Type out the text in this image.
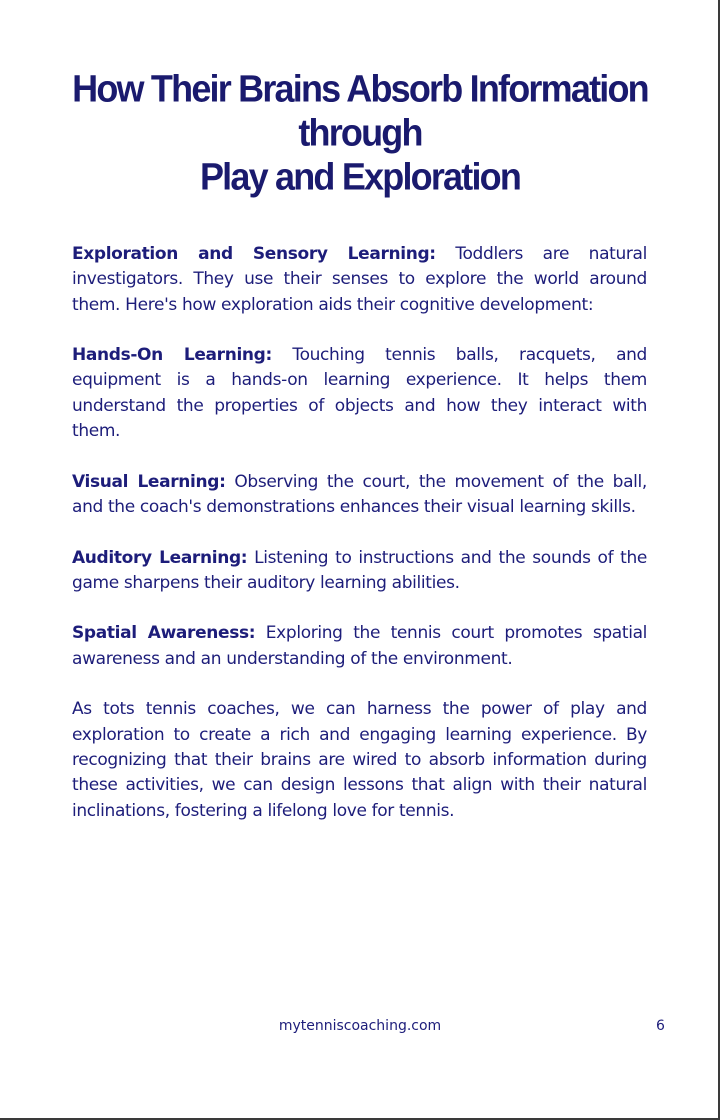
How Their Brains Absorb Information through
Play and Exploration

Exploration and Sensory Learning: Toddlers are natural investigators. They use their senses to explore the world around them. Here's how exploration aids their cognitive development:

Hands-On Learning: Touching tennis balls, racquets, and equipment is a hands-on learning experience. It helps them understand the properties of objects and how they interact with them.

Visual Learning: Observing the court, the movement of the ball, and the coach's demonstrations enhances their visual learning skills.

Auditory Learning: Listening to instructions and the sounds of the game sharpens their auditory learning abilities.

Spatial Awareness: Exploring the tennis court promotes spatial awareness and an understanding of the environment.

As tots tennis coaches, we can harness the power of play and exploration to create a rich and engaging learning experience. By recognizing that their brains are wired to absorb information during these activities, we can design lessons that align with their natural inclinations, fostering a lifelong love for tennis.

mytenniscoaching.com	6
